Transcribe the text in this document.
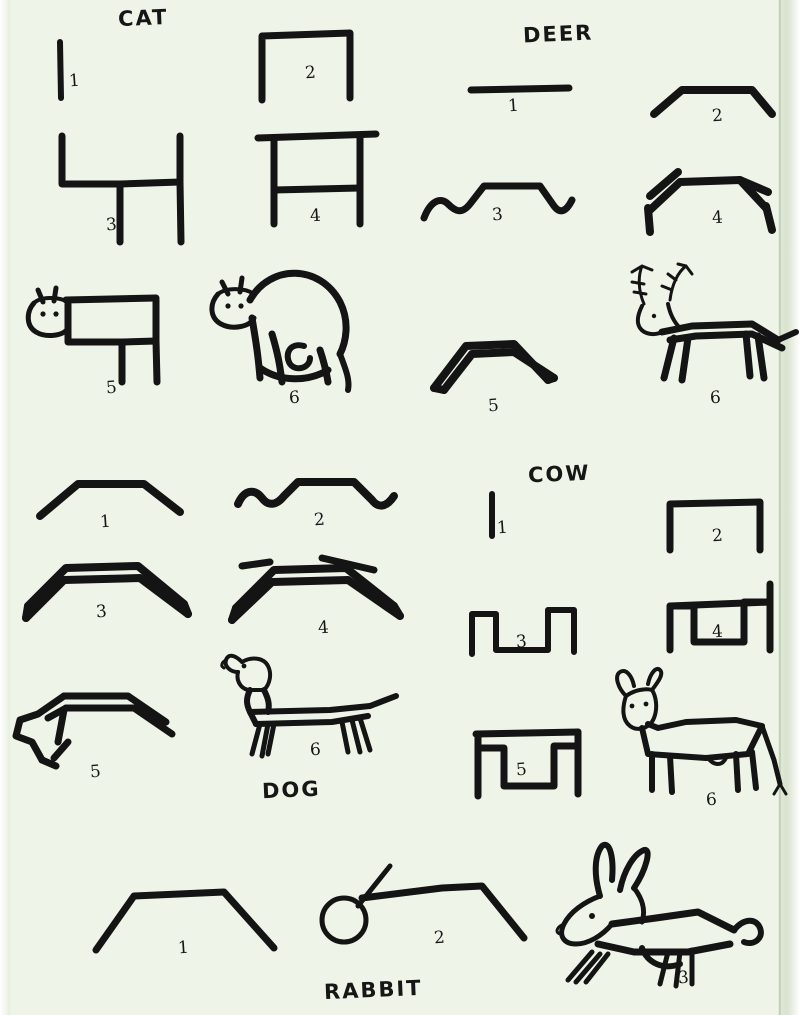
CAT
1	2
3	4
5	6
DEER
1	2
3	4
5	6
DOG
1	2
3
4
5
6
COW
1	2
3	4
5
6
RABBIT
1	2
3
